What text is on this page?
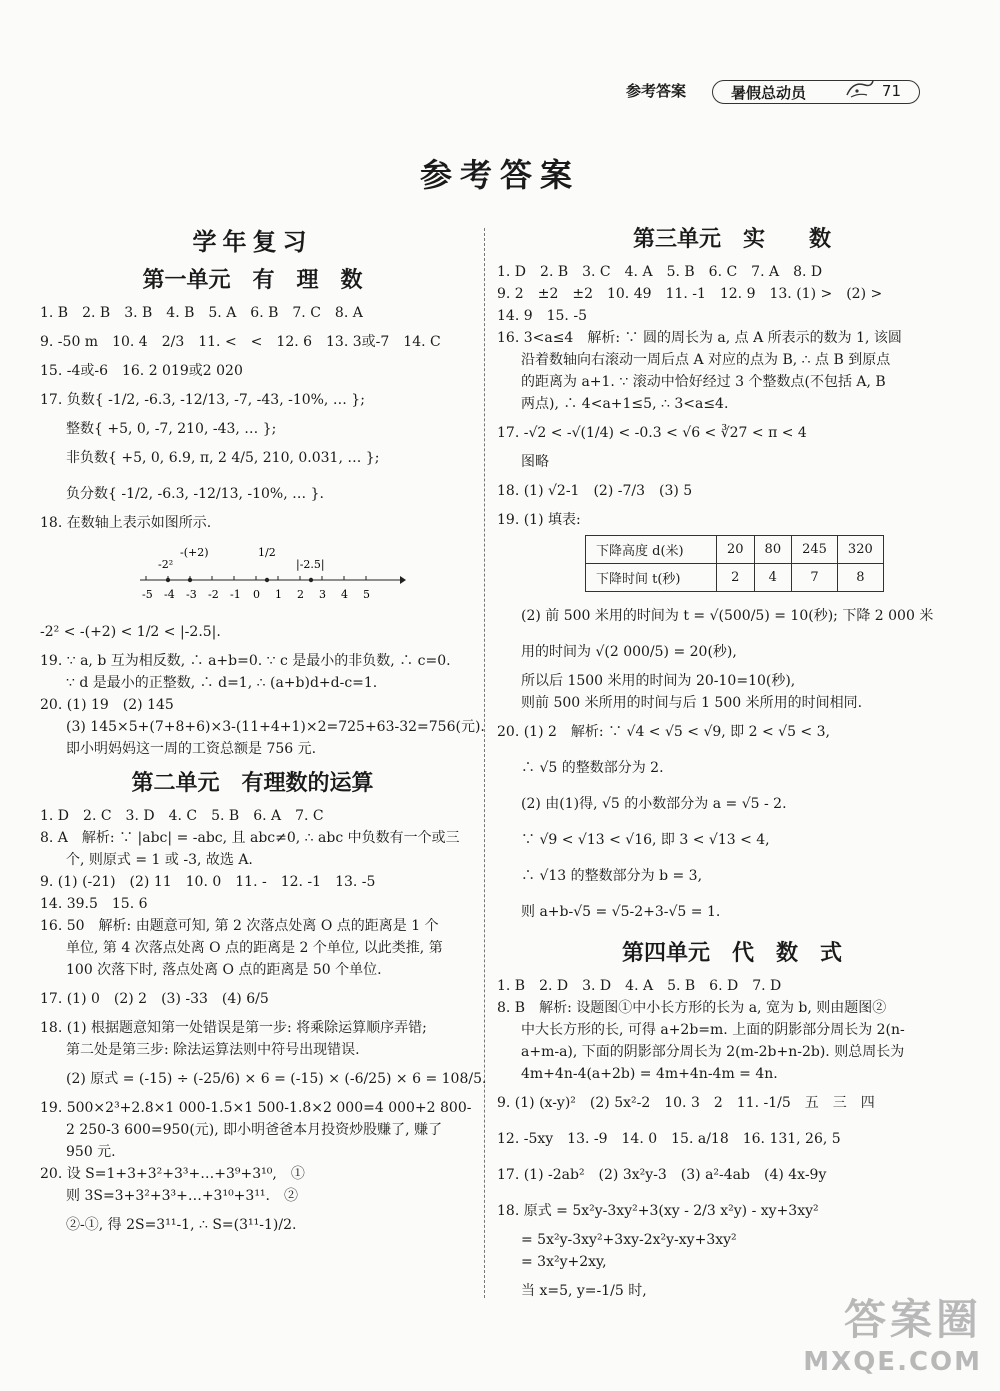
参考答案	暑假总动员	71
参考答案
学年复习
第一单元　有　理　数
1. B　2. B　3. B　4. B　5. A　6. B　7. C　8. A
9. -50 m　10. 4　2/3　11. <　<　12. 6　13. 3或-7　14. C
15. -4或-6　16. 2 019或2 020
17. 负数{ -1/2, -6.3, -12/13, -7, -43, -10%, … };
整数{ +5, 0, -7, 210, -43, … };
非负数{ +5, 0, 6.9, π, 2 4/5, 210, 0.031, … };
负分数{ -1/2, -6.3, -12/13, -10%, … }.
18. 在数轴上表示如图所示.
-5 -4 -3 -2 -1 0 1 2 3 4 5
-2²
-(+2)	1/2
|-2.5|
-2² < -(+2) < 1/2 < |-2.5|.
19. ∵ a, b 互为相反数, ∴ a+b=0. ∵ c 是最小的非负数, ∴ c=0.
∵ d 是最小的正整数, ∴ d=1, ∴ (a+b)d+d-c=1.
20. (1) 19　(2) 145
(3) 145×5+(7+8+6)×3-(11+4+1)×2=725+63-32=756(元).
即小明妈妈这一周的工资总额是 756 元.
第二单元　有理数的运算
1. D　2. C　3. D　4. C　5. B　6. A　7. C
8. A　解析: ∵ |abc| = -abc, 且 abc≠0, ∴ abc 中负数有一个或三
个, 则原式 = 1 或 -3, 故选 A.
9. (1) (-21)　(2) 11　10. 0　11. -　12. -1　13. -5
14. 39.5　15. 6
16. 50　解析: 由题意可知, 第 2 次落点处离 O 点的距离是 1 个
单位, 第 4 次落点处离 O 点的距离是 2 个单位, 以此类推, 第
100 次落下时, 落点处离 O 点的距离是 50 个单位.
17. (1) 0　(2) 2　(3) -33　(4) 6/5
18. (1) 根据题意知第一处错误是第一步: 将乘除运算顺序弄错;
第二处是第三步: 除法运算法则中符号出现错误.
(2) 原式 = (-15) ÷ (-25/6) × 6 = (-15) × (-6/25) × 6 = 108/5.
19. 500×2³+2.8×1 000-1.5×1 500-1.8×2 000=4 000+2 800-
2 250-3 600=950(元), 即小明爸爸本月投资炒股赚了, 赚了
950 元.
20. 设 S=1+3+3²+3³+…+3⁹+3¹⁰,　①
则 3S=3+3²+3³+…+3¹⁰+3¹¹.　②
②-①, 得 2S=3¹¹-1, ∴ S=(3¹¹-1)/2.
第三单元　实　　数
1. D　2. B　3. C　4. A　5. B　6. C　7. A　8. D
9. 2　±2　±2　10. 49　11. -1　12. 9　13. (1) >　(2) >
14. 9　15. -5
16. 3<a≤4　解析: ∵ 圆的周长为 a, 点 A 所表示的数为 1, 该圆
沿着数轴向右滚动一周后点 A 对应的点为 B, ∴ 点 B 到原点
的距离为 a+1. ∵ 滚动中恰好经过 3 个整数点(不包括 A, B
两点), ∴ 4<a+1≤5, ∴ 3<a≤4.
17. -√2 < -√(1/4) < -0.3 < √6 < ∛27 < π < 4
图略
18. (1) √2-1　(2) -7/3　(3) 5
19. (1) 填表:
下降高度 d(米)	20	80	245	320
下降时间 t(秒)	2	4	7	8
(2) 前 500 米用的时间为 t = √(500/5) = 10(秒); 下降 2 000 米
用的时间为 √(2 000/5) = 20(秒),
所以后 1500 米用的时间为 20-10=10(秒),
则前 500 米所用的时间与后 1 500 米所用的时间相同.
20. (1) 2　解析: ∵ √4 < √5 < √9, 即 2 < √5 < 3,
∴ √5 的整数部分为 2.
(2) 由(1)得, √5 的小数部分为 a = √5 - 2.
∵ √9 < √13 < √16, 即 3 < √13 < 4,
∴ √13 的整数部分为 b = 3,
则 a+b-√5 = √5-2+3-√5 = 1.
第四单元　代　数　式
1. B　2. D　3. D　4. A　5. B　6. D　7. D
8. B　解析: 设题图①中小长方形的长为 a, 宽为 b, 则由题图②
中大长方形的长, 可得 a+2b=m. 上面的阴影部分周长为 2(n-
a+m-a), 下面的阴影部分周长为 2(m-2b+n-2b). 则总周长为
4m+4n-4(a+2b) = 4m+4n-4m = 4n.
9. (1) (x-y)²　(2) 5x²-2　10. 3　2　11. -1/5　五　三　四
12. -5xy　13. -9　14. 0　15. a/18　16. 131, 26, 5
17. (1) -2ab²　(2) 3x²y-3　(3) a²-4ab　(4) 4x-9y
18. 原式 = 5x²y-3xy²+3(xy - 2/3 x²y) - xy+3xy²
= 5x²y-3xy²+3xy-2x²y-xy+3xy²
= 3x²y+2xy,
当 x=5, y=-1/5 时,
答案圈
MXQE.COM
